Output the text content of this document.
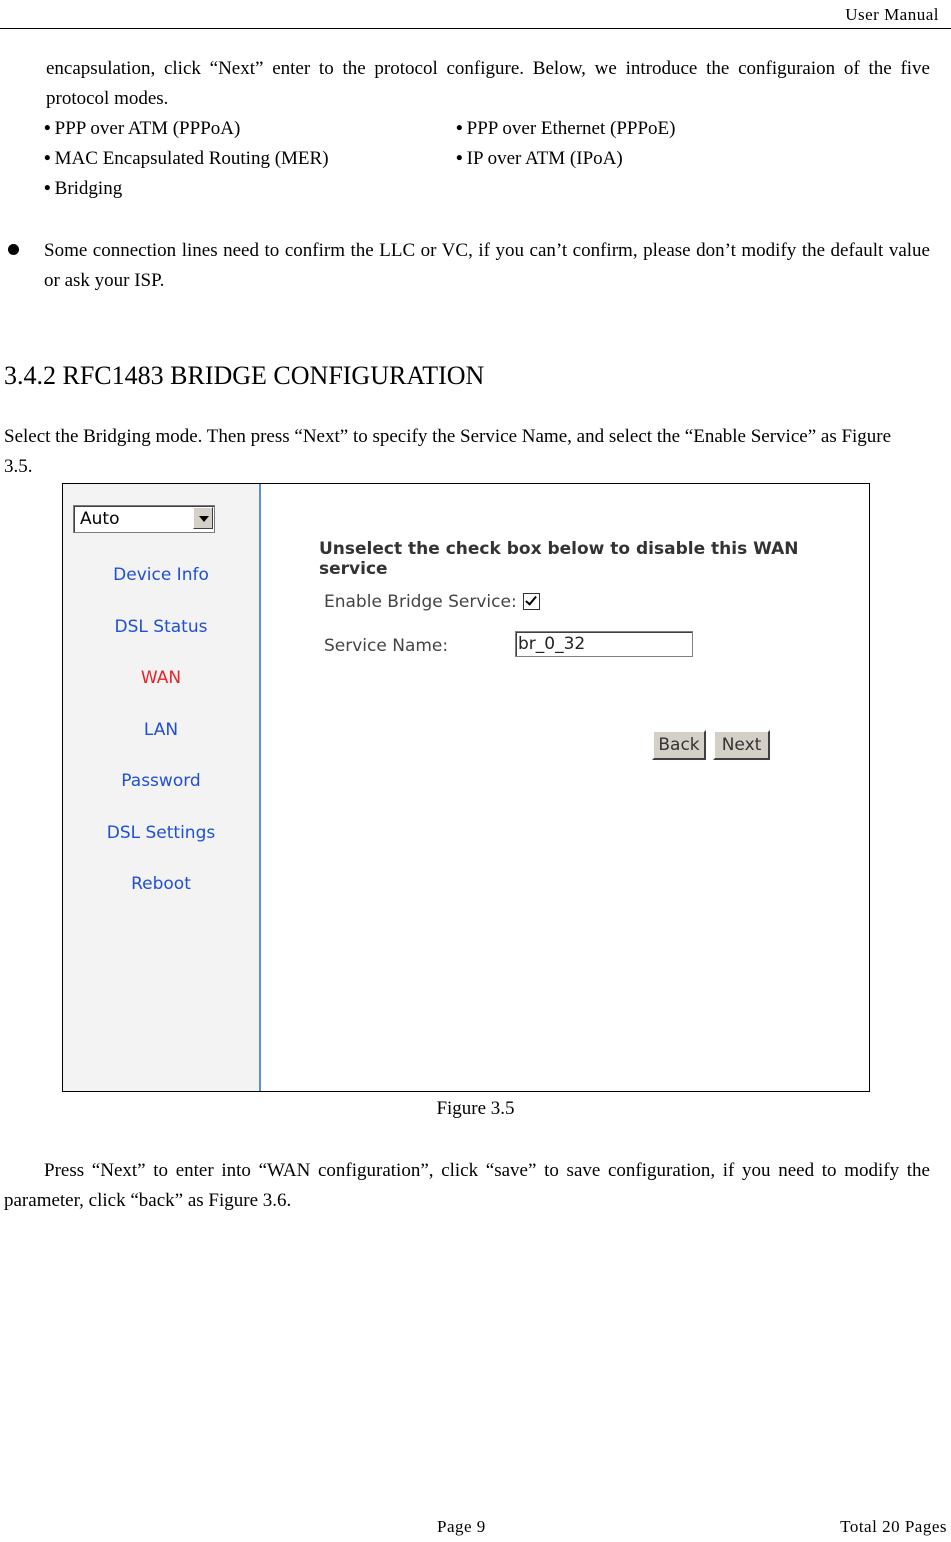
User Manual
encapsulation, click “Next” enter to the protocol configure. Below, we introduce the configuraion of the five protocol modes.
• PPP over ATM (PPPoA)	• PPP over Ethernet (PPPoE)
• MAC Encapsulated Routing (MER)	• IP over ATM (IPoA)
• Bridging
Some connection lines need to confirm the LLC or VC, if you can’t confirm, please don’t modify the default value or ask your ISP.
3.4.2 RFC1483 BRIDGE CONFIGURATION
Select the Bridging mode. Then press “Next” to specify the Service Name, and select the “Enable Service” as Figure 3.5.
Auto
Device Info
DSL Status
WAN
LAN
Password
DSL Settings
Reboot
Unselect the check box below to disable this WAN service
Enable Bridge Service:
Service Name:	br_0_32
Back	Next
Figure 3.5
Press “Next” to enter into “WAN configuration”, click “save” to save configuration, if you need to modify the parameter, click “back” as Figure 3.6.
Page 9	Total 20 Pages
